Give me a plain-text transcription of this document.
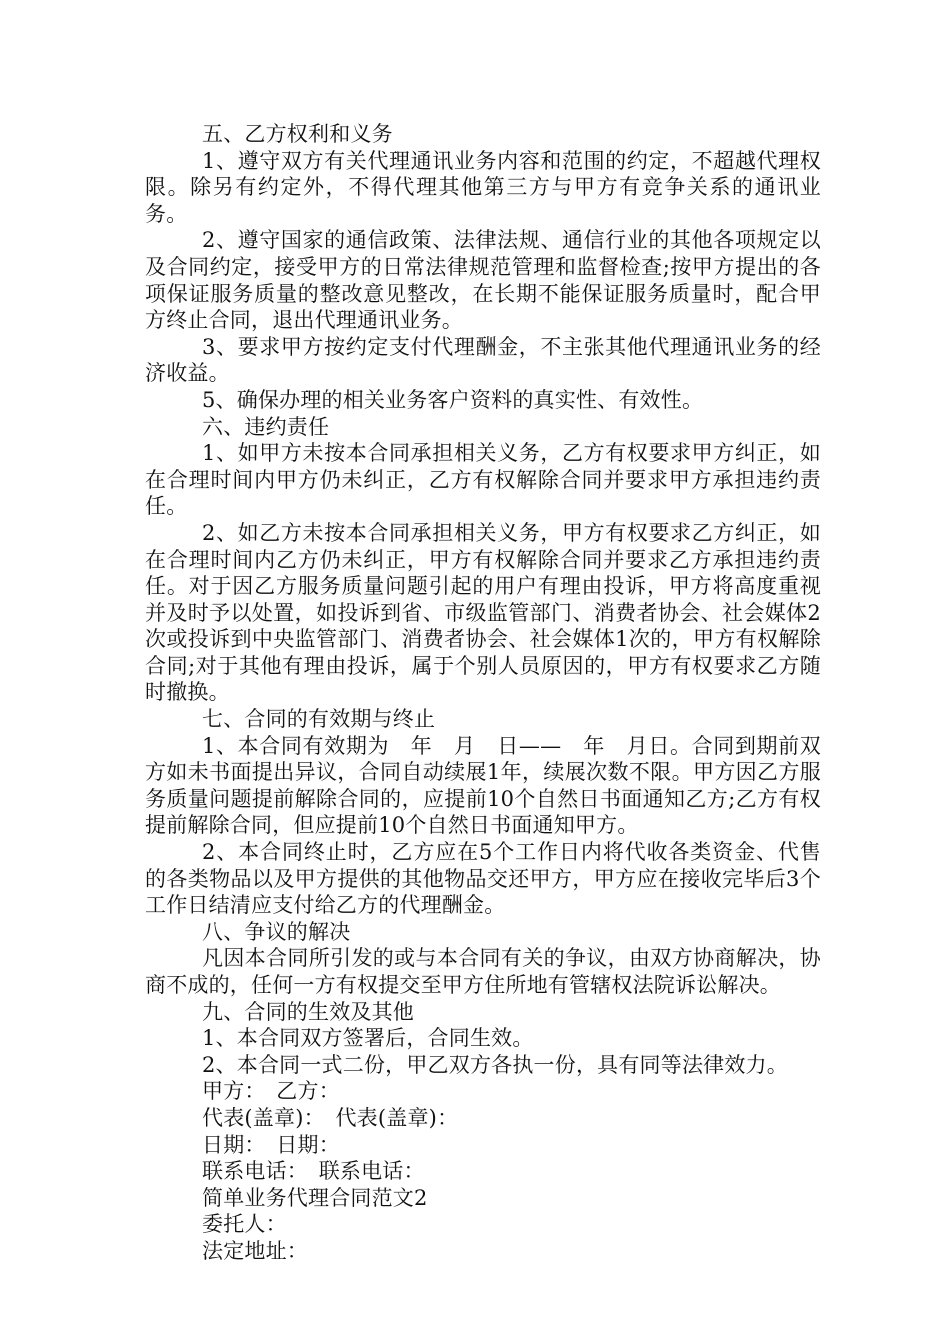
五、乙方权利和义务

1、遵守双方有关代理通讯业务内容和范围的约定，不超越代理权限。除另有约定外，不得代理其他第三方与甲方有竞争关系的通讯业务。

2、遵守国家的通信政策、法律法规、通信行业的其他各项规定以及合同约定，接受甲方的日常法律规范管理和监督检查;按甲方提出的各项保证服务质量的整改意见整改，在长期不能保证服务质量时，配合甲方终止合同，退出代理通讯业务。

3、要求甲方按约定支付代理酬金，不主张其他代理通讯业务的经济收益。

5、确保办理的相关业务客户资料的真实性、有效性。

六、违约责任

1、如甲方未按本合同承担相关义务，乙方有权要求甲方纠正，如在合理时间内甲方仍未纠正，乙方有权解除合同并要求甲方承担违约责任。

2、如乙方未按本合同承担相关义务，甲方有权要求乙方纠正，如在合理时间内乙方仍未纠正，甲方有权解除合同并要求乙方承担违约责任。对于因乙方服务质量问题引起的用户有理由投诉，甲方将高度重视并及时予以处置，如投诉到省、市级监管部门、消费者协会、社会媒体2次或投诉到中央监管部门、消费者协会、社会媒体1次的，甲方有权解除合同;对于其他有理由投诉，属于个别人员原因的，甲方有权要求乙方随时撤换。

七、合同的有效期与终止

1、本合同有效期为　年　月　日——　年　月日。合同到期前双方如未书面提出异议，合同自动续展1年，续展次数不限。甲方因乙方服务质量问题提前解除合同的，应提前10个自然日书面通知乙方;乙方有权提前解除合同，但应提前10个自然日书面通知甲方。

2、本合同终止时，乙方应在5个工作日内将代收各类资金、代售的各类物品以及甲方提供的其他物品交还甲方，甲方应在接收完毕后3个工作日结清应支付给乙方的代理酬金。

八、争议的解决

凡因本合同所引发的或与本合同有关的争议，由双方协商解决，协商不成的，任何一方有权提交至甲方住所地有管辖权法院诉讼解决。

九、合同的生效及其他

1、本合同双方签署后，合同生效。

2、本合同一式二份，甲乙双方各执一份，具有同等法律效力。

甲方：　乙方：

代表(盖章)：　代表(盖章)：

日期：　日期：

联系电话：　联系电话：

简单业务代理合同范文2

委托人：

法定地址：
